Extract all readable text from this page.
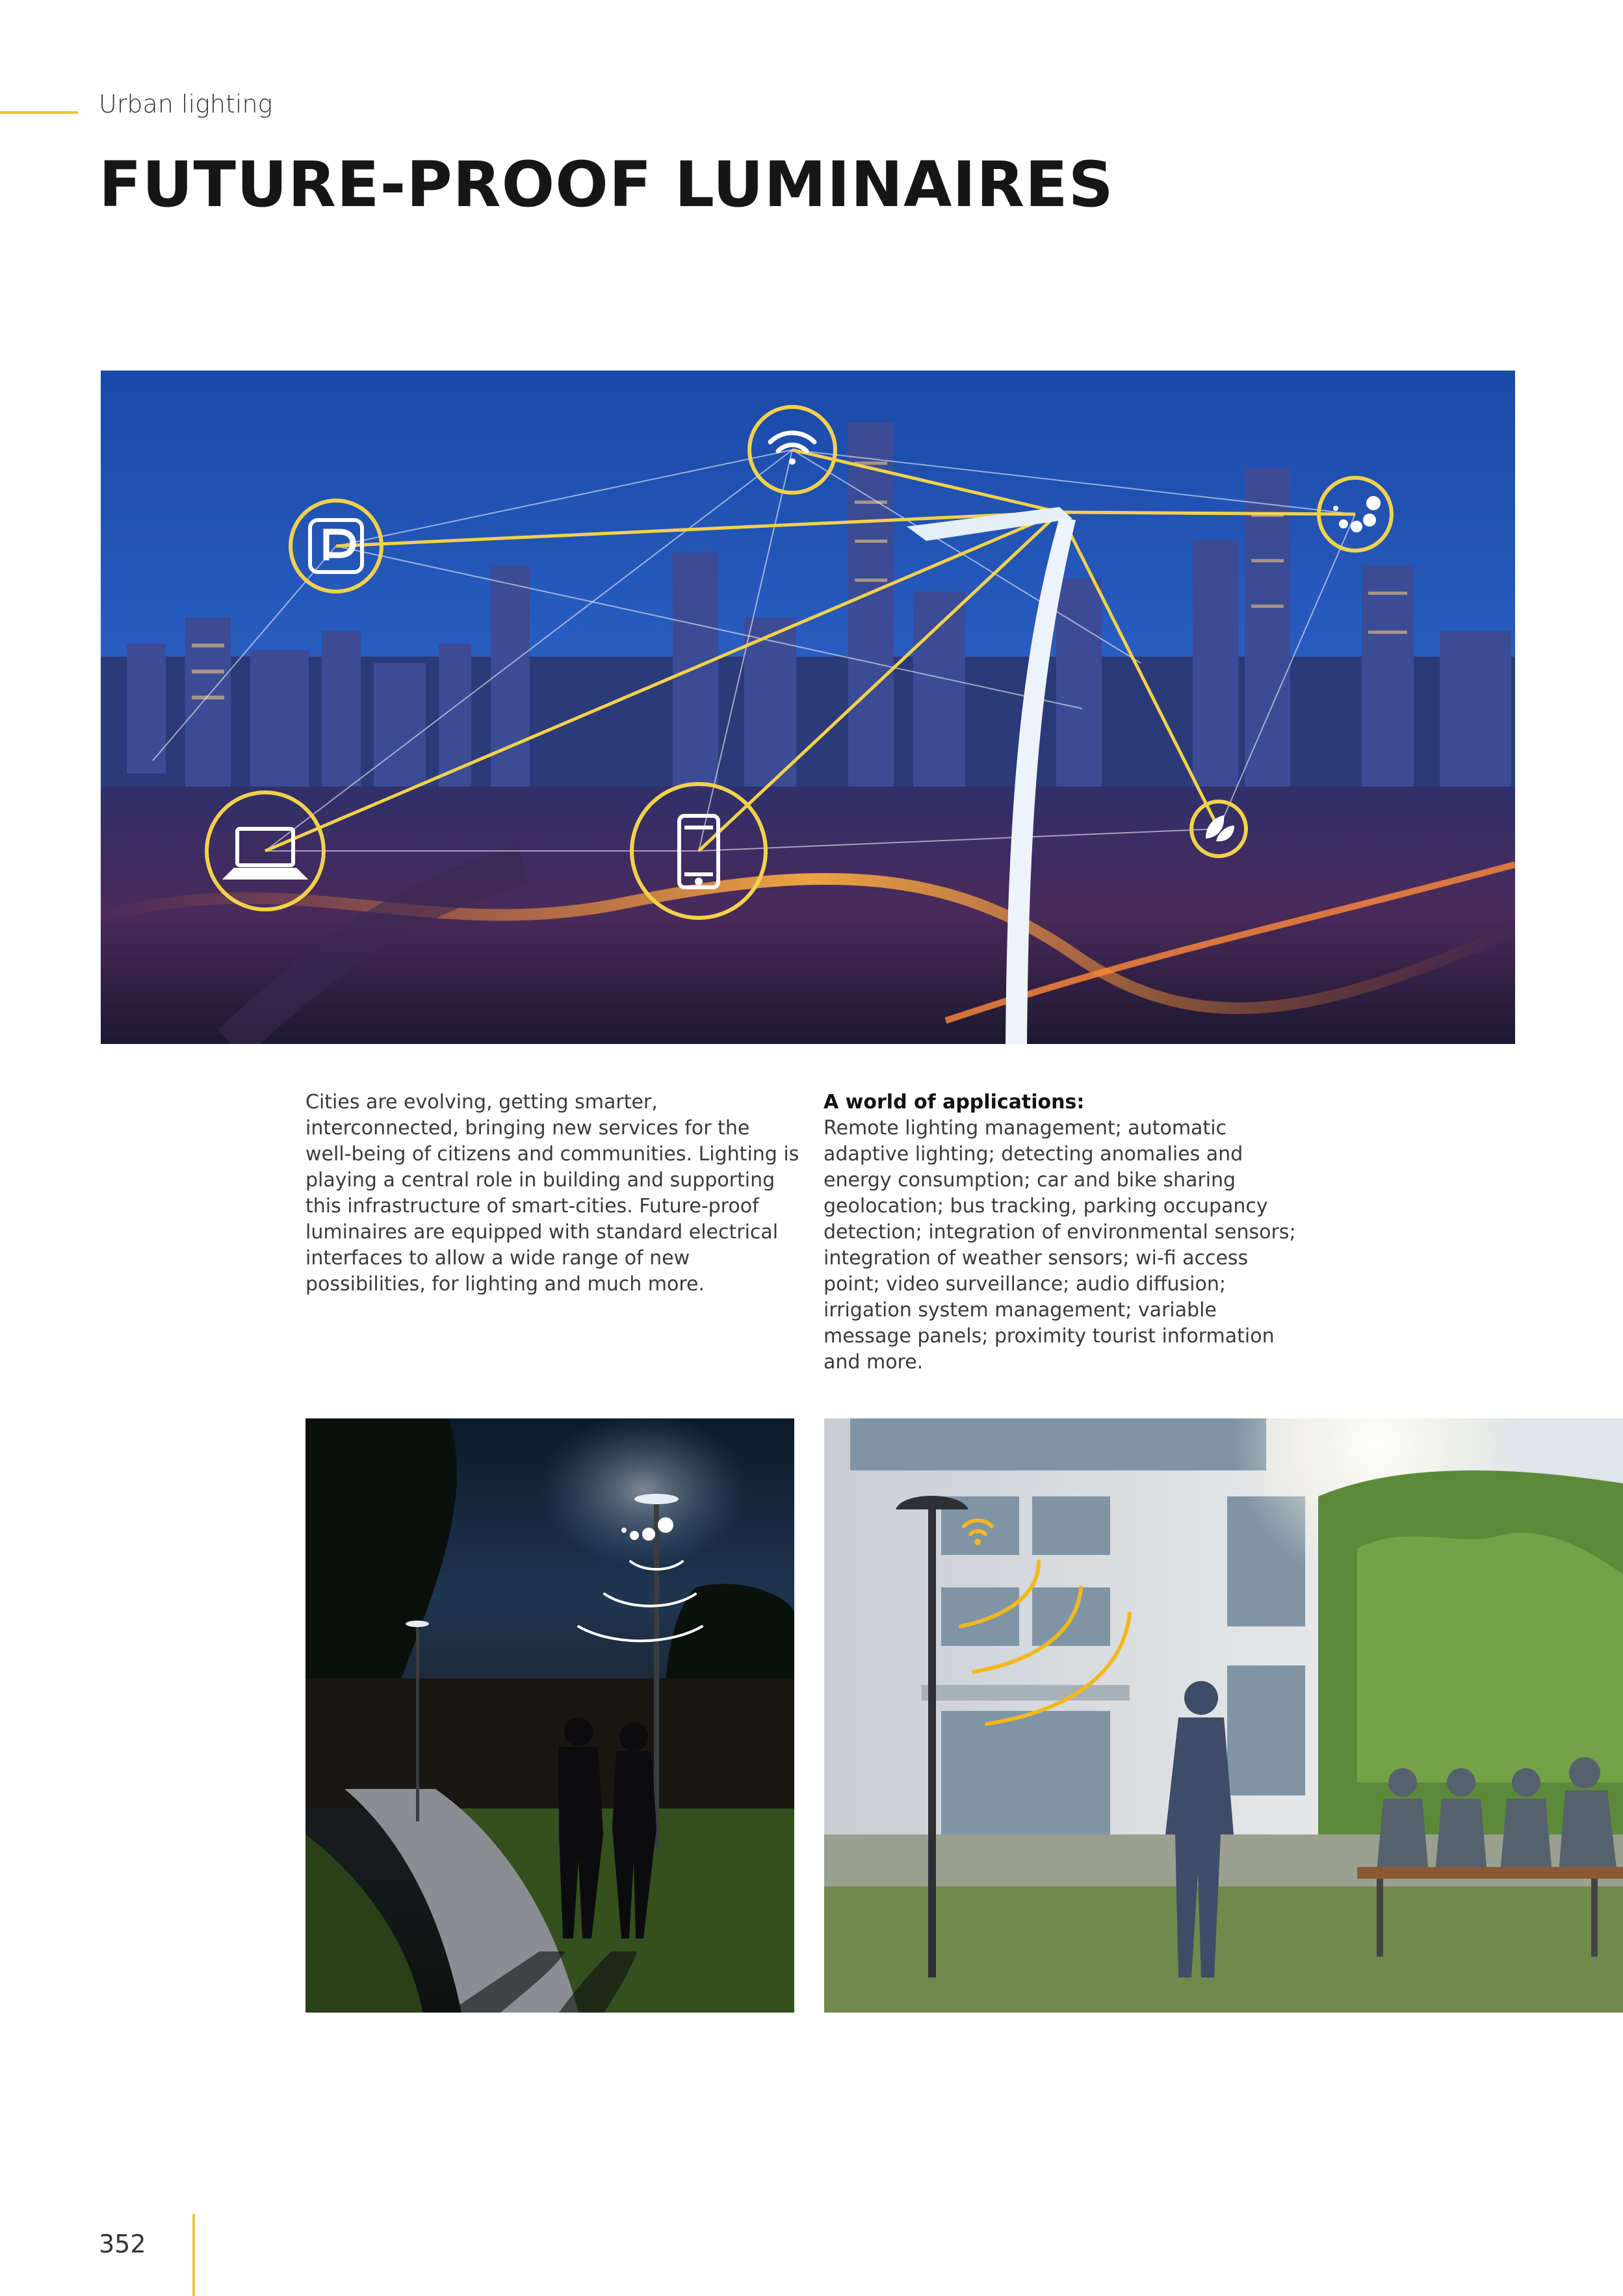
Urban lighting
FUTURE-PROOF LUMINAIRES
Cities are evolving, getting smarter, interconnected, bringing new services for the well-being of citizens and communities. Lighting is playing a central role in building and supporting this infrastructure of smart-cities. Future-proof luminaires are equipped with standard electrical interfaces to allow a wide range of new possibilities, for lighting and much more.
A world of applications:
Remote lighting management; automatic adaptive lighting; detecting anomalies and energy consumption; car and bike sharing geolocation; bus tracking, parking occupancy detection; integration of environmental sensors; integration of weather sensors; wi-fi access point; video surveillance; audio diffusion; irrigation system management; variable message panels; proximity tourist information and more.
352
